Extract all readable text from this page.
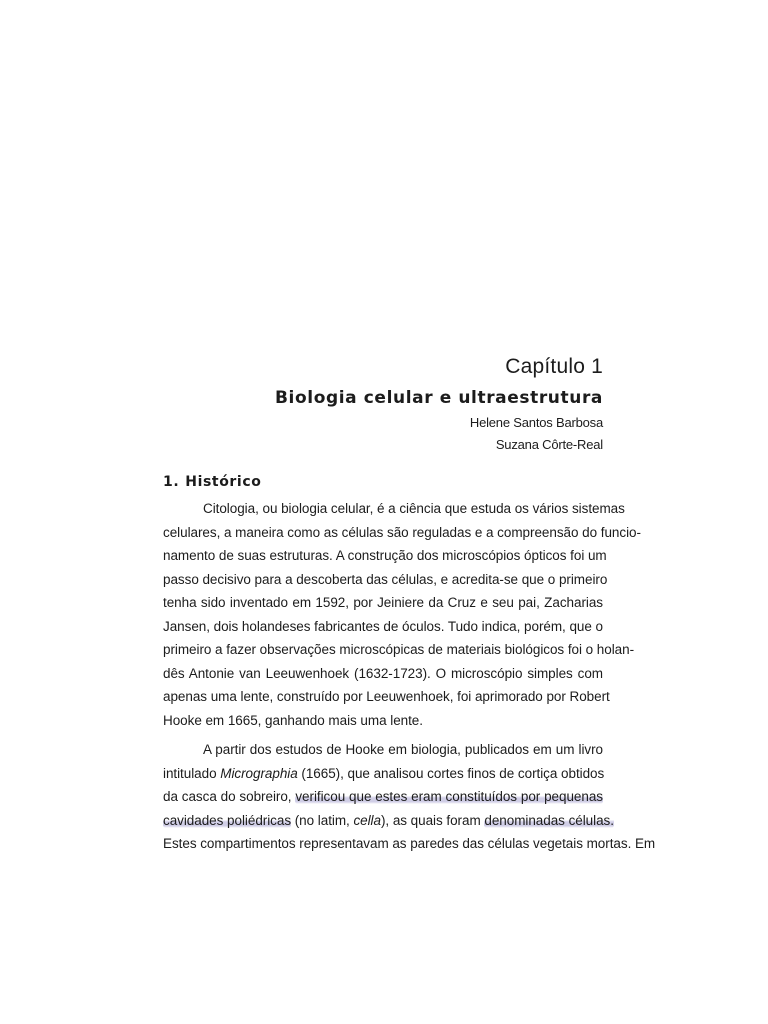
Capítulo 1
Biologia celular e ultraestrutura
Helene Santos Barbosa
Suzana Côrte-Real
1. Histórico
Citologia, ou biologia celular, é a ciência que estuda os vários sistemas
celulares, a maneira como as células são reguladas e a compreensão do funcio-
namento de suas estruturas. A construção dos microscópios ópticos foi um
passo decisivo para a descoberta das células, e acredita-se que o primeiro
tenha sido inventado em 1592, por Jeiniere da Cruz e seu pai, Zacharias
Jansen, dois holandeses fabricantes de óculos. Tudo indica, porém, que o
primeiro a fazer observações microscópicas de materiais biológicos foi o holan-
dês Antonie van Leeuwenhoek (1632-1723). O microscópio simples com
apenas uma lente, construído por Leeuwenhoek, foi aprimorado por Robert
Hooke em 1665, ganhando mais uma lente.
A partir dos estudos de Hooke em biologia, publicados em um livro
intitulado Micrographia (1665), que analisou cortes finos de cortiça obtidos
da casca do sobreiro, verificou que estes eram constituídos por pequenas
cavidades poliédricas (no latim, cella), as quais foram denominadas células.
Estes compartimentos representavam as paredes das células vegetais mortas. Em
